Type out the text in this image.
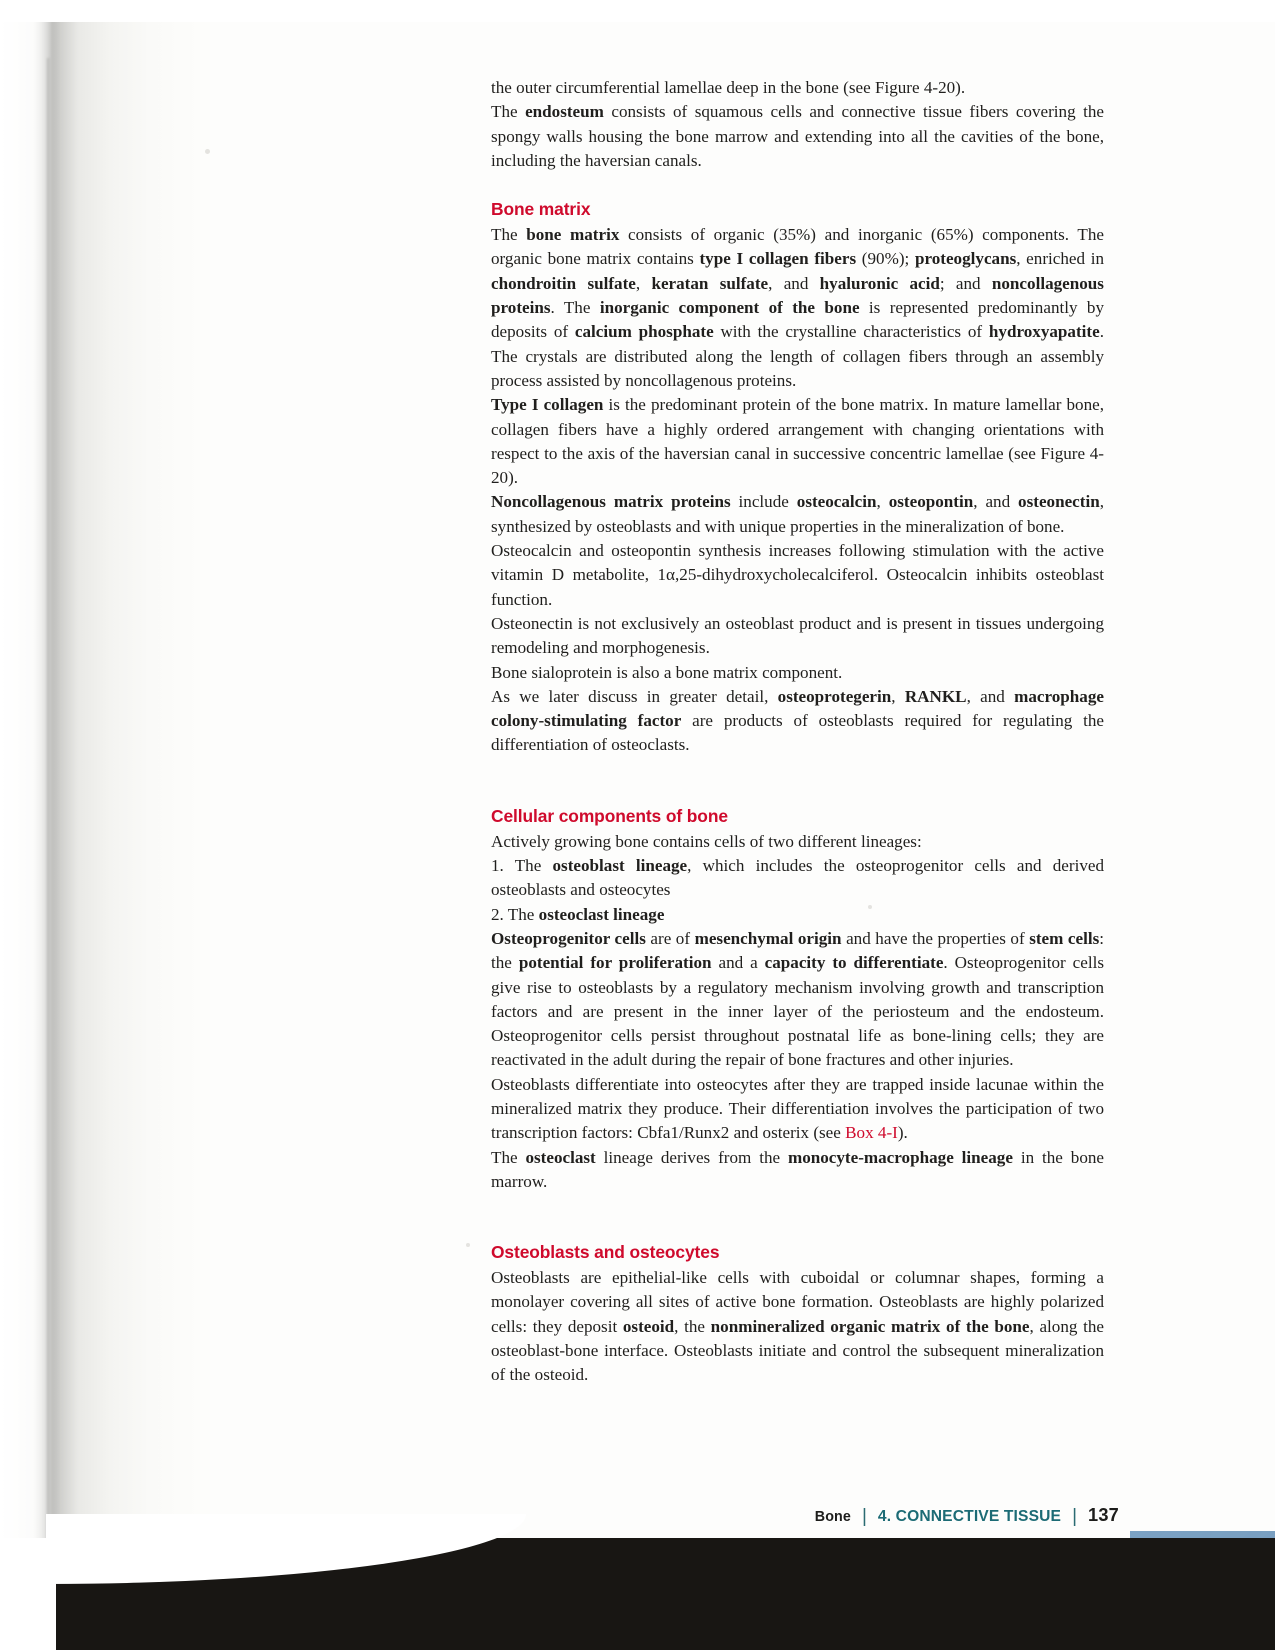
the outer circumferential lamellae deep in the bone (see Figure 4-20).

The endosteum consists of squamous cells and connective tissue fibers covering the spongy walls housing the bone marrow and extending into all the cavities of the bone, including the haversian canals.

Bone matrix

The bone matrix consists of organic (35%) and inorganic (65%) components. The organic bone matrix contains type I collagen fibers (90%); proteoglycans, enriched in chondroitin sulfate, keratan sulfate, and hyaluronic acid; and noncollagenous proteins. The inorganic component of the bone is represented predominantly by deposits of calcium phosphate with the crystalline characteristics of hydroxyapatite. The crystals are distributed along the length of collagen fibers through an assembly process assisted by noncollagenous proteins.

Type I collagen is the predominant protein of the bone matrix. In mature lamellar bone, collagen fibers have a highly ordered arrangement with changing orientations with respect to the axis of the haversian canal in successive concentric lamellae (see Figure 4-20).

Noncollagenous matrix proteins include osteocalcin, osteopontin, and osteonectin, synthesized by osteoblasts and with unique properties in the mineralization of bone.

Osteocalcin and osteopontin synthesis increases following stimulation with the active vitamin D metabolite, 1α,25-dihydroxycholecalciferol. Osteocalcin inhibits osteoblast function.

Osteonectin is not exclusively an osteoblast product and is present in tissues undergoing remodeling and morphogenesis.

Bone sialoprotein is also a bone matrix component.

As we later discuss in greater detail, osteoprotegerin, RANKL, and macrophage colony-stimulating factor are products of osteoblasts required for regulating the differentiation of osteoclasts.

Cellular components of bone

Actively growing bone contains cells of two different lineages:

1. The osteoblast lineage, which includes the osteoprogenitor cells and derived osteoblasts and osteocytes

2. The osteoclast lineage

Osteoprogenitor cells are of mesenchymal origin and have the properties of stem cells: the potential for proliferation and a capacity to differentiate. Osteoprogenitor cells give rise to osteoblasts by a regulatory mechanism involving growth and transcription factors and are present in the inner layer of the periosteum and the endosteum. Osteoprogenitor cells persist throughout postnatal life as bone-lining cells; they are reactivated in the adult during the repair of bone fractures and other injuries.

Osteoblasts differentiate into osteocytes after they are trapped inside lacunae within the mineralized matrix they produce. Their differentiation involves the participation of two transcription factors: Cbfa1/Runx2 and osterix (see Box 4-I).

The osteoclast lineage derives from the monocyte-macrophage lineage in the bone marrow.

Osteoblasts and osteocytes

Osteoblasts are epithelial-like cells with cuboidal or columnar shapes, forming a monolayer covering all sites of active bone formation. Osteoblasts are highly polarized cells: they deposit osteoid, the nonmineralized organic matrix of the bone, along the osteoblast-bone interface. Osteoblasts initiate and control the subsequent mineralization of the osteoid.

Bone | 4. CONNECTIVE TISSUE | 137
